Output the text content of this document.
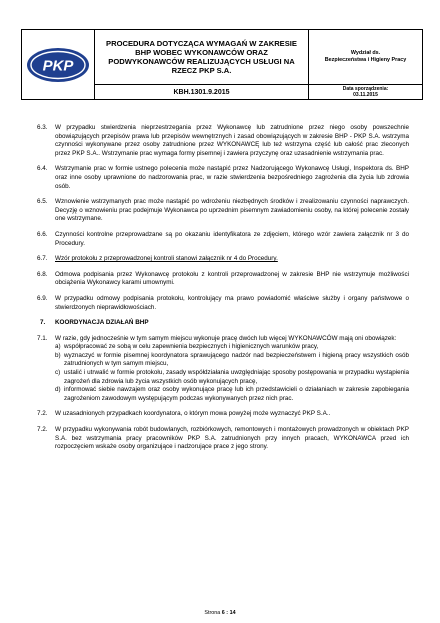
PKP
PROCEDURA DOTYCZĄCA WYMAGAŃ W ZAKRESIE BHP WOBEC WYKONAWCÓW ORAZ PODWYKONAWCÓW REALIZUJĄCYCH USŁUGI NA RZECZ PKP S.A.
KBH.1301.9.2015
Wydział ds.
Bezpieczeństwa i Higieny Pracy
Data sporządzenia:
03.11.2015
6.3. W przypadku stwierdzenia nieprzestrzegania przez Wykonawcę lub zatrudnione przez niego osoby powszechnie obowiązujących przepisów prawa lub przepisów wewnętrznych i zasad obowiązujących w zakresie BHP - PKP S.A. wstrzyma czynności wykonywane przez osoby zatrudnione przez WYKONAWCĘ lub też wstrzyma część lub całość prac zleconych przez PKP S.A.. Wstrzymanie prac wymaga formy pisemnej i zawiera przyczynę oraz uzasadnienie wstrzymania prac.
6.4. Wstrzymanie prac w formie ustnego polecenia może nastąpić przez Nadzorującego Wykonawcę Usługi, Inspektora ds. BHP oraz inne osoby uprawnione do nadzorowania prac, w razie stwierdzenia bezpośredniego zagrożenia dla życia lub zdrowia osób.
6.5. Wznowienie wstrzymanych prac może nastąpić po wdrożeniu niezbędnych środków i zrealizowaniu czynności naprawczych. Decyzję o wznowieniu prac podejmuje Wykonawca po uprzednim pisemnym zawiadomieniu osoby, na której polecenie zostały one wstrzymane.
6.6. Czynności kontrolne przeprowadzane są po okazaniu identyfikatora ze zdjęciem, którego wzór zawiera załącznik nr 3 do Procedury.
6.7. Wzór protokołu z przeprowadzonej kontroli stanowi załącznik nr 4 do Procedury.
6.8. Odmowa podpisania przez Wykonawcę protokołu z kontroli przeprowadzonej w zakresie BHP nie wstrzymuje możliwości obciążenia Wykonawcy karami umownymi.
6.9. W przypadku odmowy podpisania protokołu, kontrolujący ma prawo powiadomić właściwe służby i organy państwowe o stwierdzonych nieprawidłowościach.
7. KOORDYNACJA DZIAŁAŃ BHP
7.1. W razie, gdy jednocześnie w tym samym miejscu wykonuje pracę dwóch lub więcej WYKONAWCÓW mają oni obowiązek:
a) współpracować ze sobą w celu zapewnienia bezpiecznych i higienicznych warunków pracy,
b) wyznaczyć w formie pisemnej koordynatora sprawującego nadzór nad bezpieczeństwem i higieną pracy wszystkich osób zatrudnionych w tym samym miejscu,
c) ustalić i utrwalić w formie protokołu, zasady współdziałania uwzględniając sposoby postępowania w przypadku wystąpienia zagrożeń dla zdrowia lub życia wszystkich osób wykonujących pracę,
d) informować siebie nawzajem oraz osoby wykonujące pracę lub ich przedstawicieli o działaniach w zakresie zapobiegania zagrożeniom zawodowym występującym podczas wykonywanych przez nich prac.
7.2. W uzasadnionych przypadkach koordynatora, o którym mowa powyżej może wyznaczyć PKP S.A..
7.2. W przypadku wykonywania robót budowlanych, rozbiórkowych, remontowych i montażowych prowadzonych w obiektach PKP S.A. bez wstrzymania pracy pracowników PKP S.A. zatrudnionych przy innych pracach, WYKONAWCA przed ich rozpoczęciem wskaże osoby organizujące i nadzorujące prace z jego strony.
Strona 6 : 14
